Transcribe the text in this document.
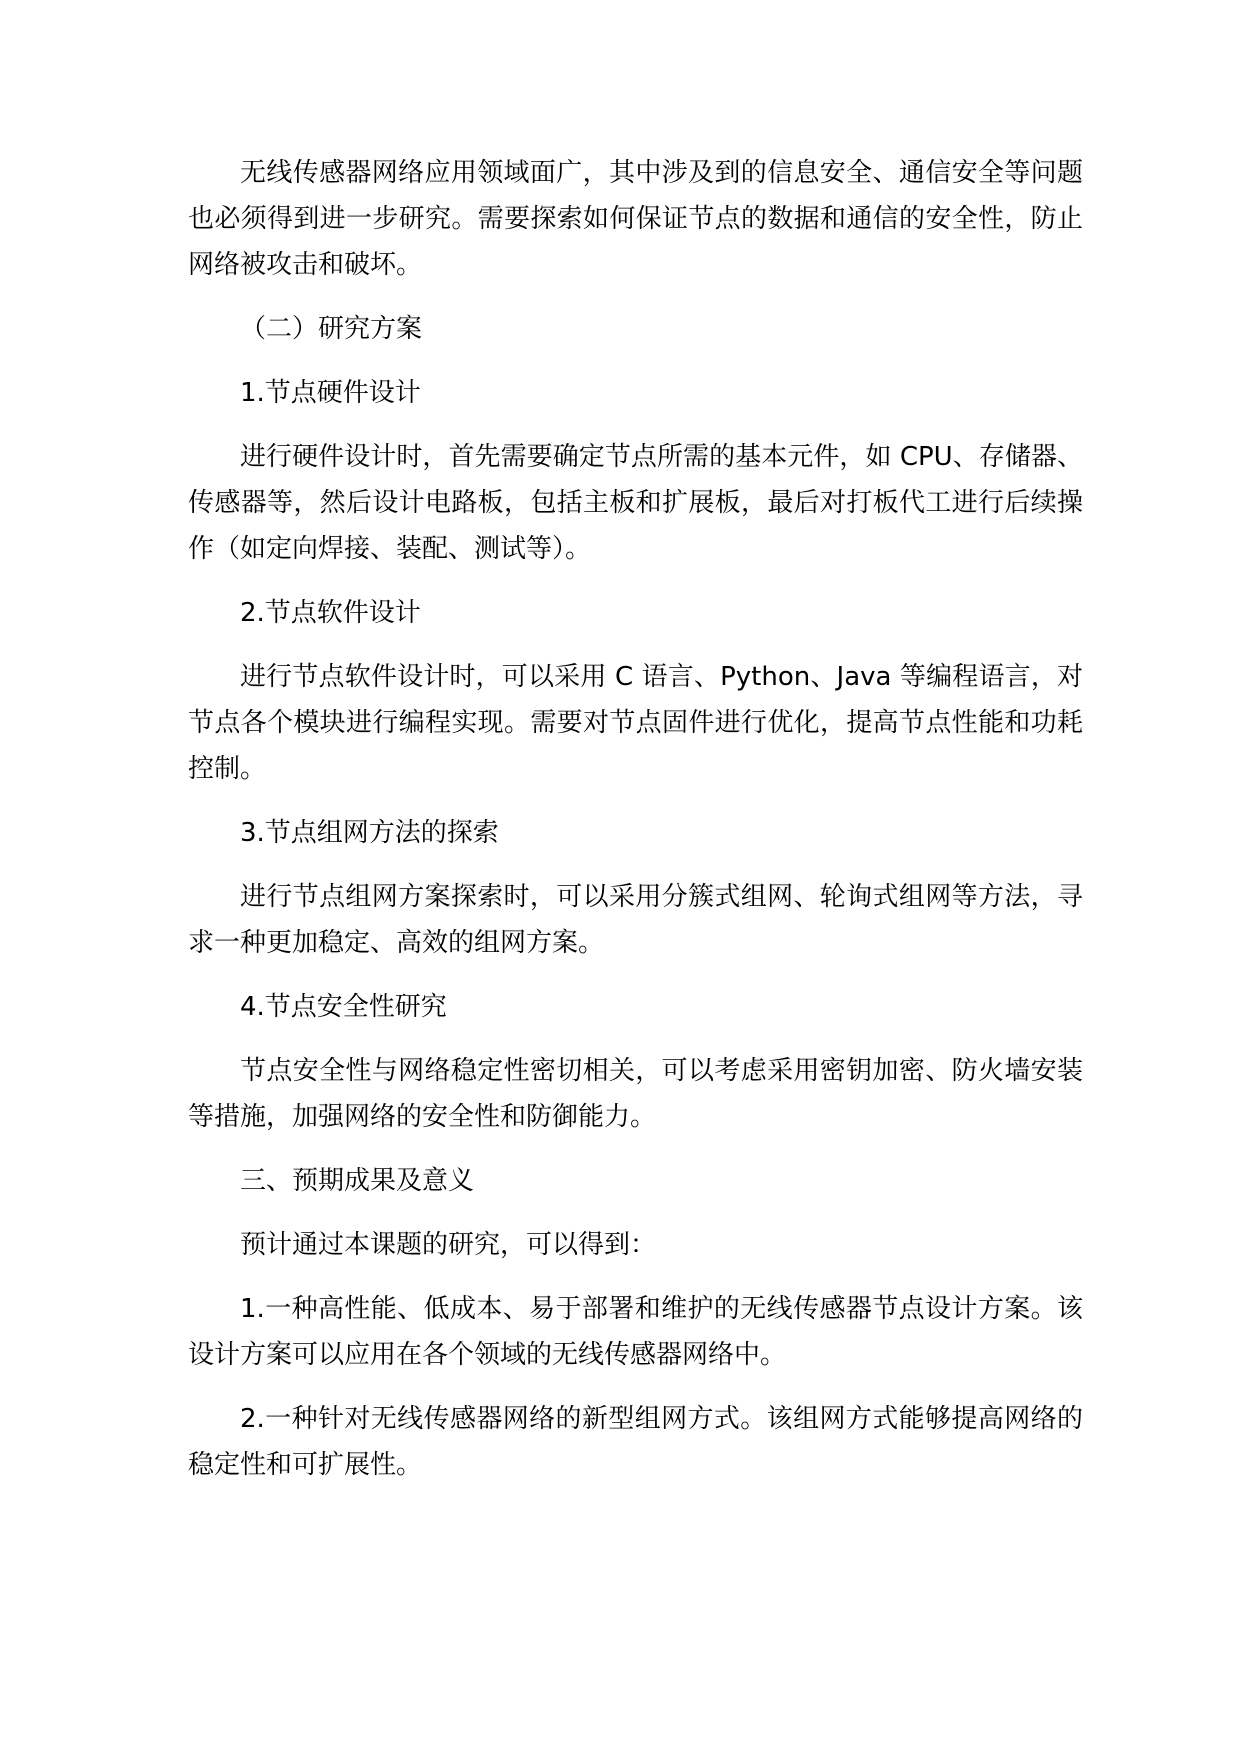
无线传感器网络应用领域面广，其中涉及到的信息安全、通信安全等问题也必须得到进一步研究。需要探索如何保证节点的数据和通信的安全性，防止网络被攻击和破坏。

（二）研究方案

1.节点硬件设计

进行硬件设计时，首先需要确定节点所需的基本元件，如 CPU、存储器、传感器等，然后设计电路板，包括主板和扩展板，最后对打板代工进行后续操作（如定向焊接、装配、测试等）。

2.节点软件设计

进行节点软件设计时，可以采用 C 语言、Python、Java 等编程语言，对节点各个模块进行编程实现。需要对节点固件进行优化，提高节点性能和功耗控制。

3.节点组网方法的探索

进行节点组网方案探索时，可以采用分簇式组网、轮询式组网等方法，寻求一种更加稳定、高效的组网方案。

4.节点安全性研究

节点安全性与网络稳定性密切相关，可以考虑采用密钥加密、防火墙安装等措施，加强网络的安全性和防御能力。

三、预期成果及意义

预计通过本课题的研究，可以得到：

1.一种高性能、低成本、易于部署和维护的无线传感器节点设计方案。该设计方案可以应用在各个领域的无线传感器网络中。

2.一种针对无线传感器网络的新型组网方式。该组网方式能够提高网络的稳定性和可扩展性。
